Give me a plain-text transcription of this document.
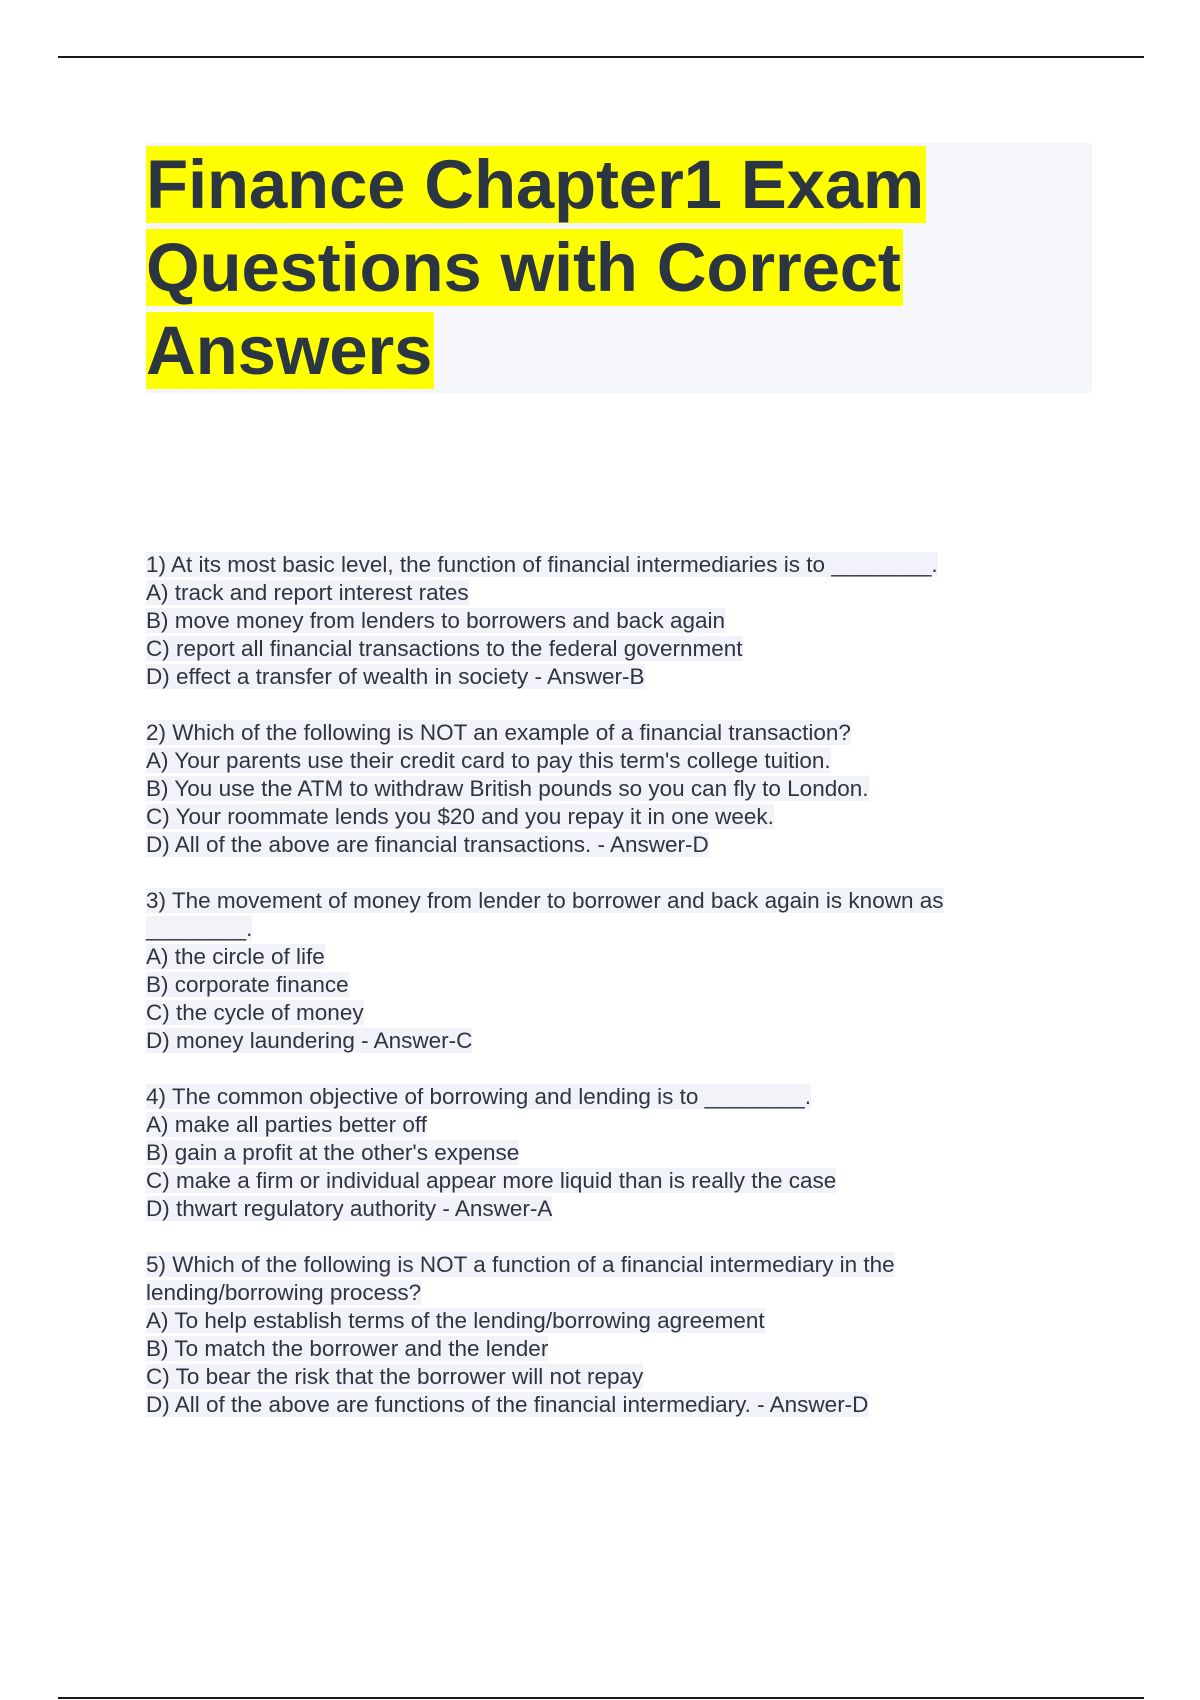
Finance Chapter1 Exam
Questions with Correct
Answers
1) At its most basic level, the function of financial intermediaries is to ________.
A) track and report interest rates
B) move money from lenders to borrowers and back again
C) report all financial transactions to the federal government
D) effect a transfer of wealth in society - Answer-B
2) Which of the following is NOT an example of a financial transaction?
A) Your parents use their credit card to pay this term's college tuition.
B) You use the ATM to withdraw British pounds so you can fly to London.
C) Your roommate lends you $20 and you repay it in one week.
D) All of the above are financial transactions. - Answer-D
3) The movement of money from lender to borrower and back again is known as
________.
A) the circle of life
B) corporate finance
C) the cycle of money
D) money laundering - Answer-C
4) The common objective of borrowing and lending is to ________.
A) make all parties better off
B) gain a profit at the other's expense
C) make a firm or individual appear more liquid than is really the case
D) thwart regulatory authority - Answer-A
5) Which of the following is NOT a function of a financial intermediary in the
lending/borrowing process?
A) To help establish terms of the lending/borrowing agreement
B) To match the borrower and the lender
C) To bear the risk that the borrower will not repay
D) All of the above are functions of the financial intermediary. - Answer-D
